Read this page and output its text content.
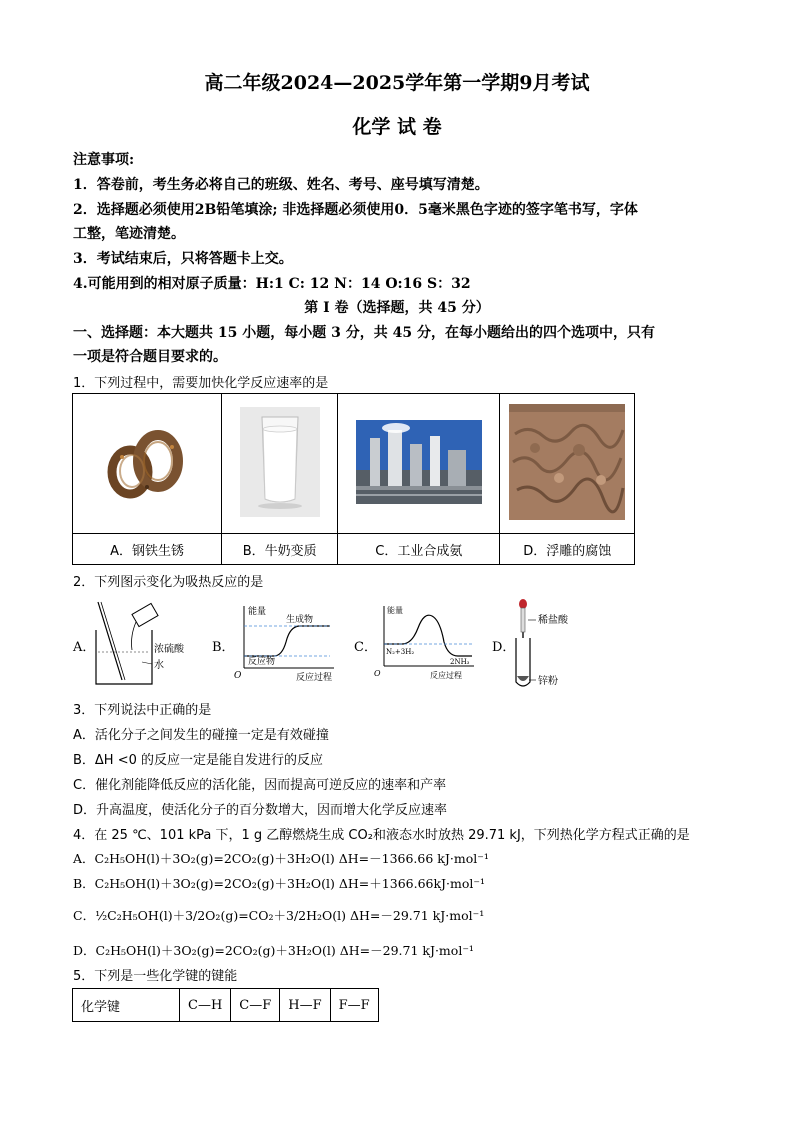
高二年级2024—2025学年第一学期9月考试
化学 试 卷
注意事项:
1．答卷前，考生务必将自己的班级、姓名、考号、座号填写清楚。
2．选择题必须使用2B铅笔填涂; 非选择题必须使用0．5毫米黑色字迹的签字笔书写，字体
工整，笔迹清楚。
3．考试结束后，只将答题卡上交。
4.可能用到的相对原子质量：H:1 C: 12 N：14 O:16 S：32
第 I 卷（选择题，共 45 分）
一、选择题：本大题共 15 小题，每小题 3 分，共 45 分，在每小题给出的四个选项中，只有
一项是符合题目要求的。
1．下列过程中，需要加快化学反应速率的是

A．钢铁生锈	B．牛奶变质	C．工业合成氨	D．浮雕的腐蚀
2．下列图示变化为吸热反应的是
A．	浓硫酸
水
B．
能量
生成物
反应物
O	反应过程
C．
能量
N₂+3H₂
2NH₃
O	反应过程
D．
稀盐酸
锌粉
3．下列说法中正确的是
A．活化分子之间发生的碰撞一定是有效碰撞
B．ΔH <0 的反应一定是能自发进行的反应
C．催化剂能降低反应的活化能，因而提高可逆反应的速率和产率
D．升高温度，使活化分子的百分数增大，因而增大化学反应速率
4．在 25 ℃、101 kPa 下，1 g 乙醇燃烧生成 CO₂和液态水时放热 29.71 kJ，下列热化学方程式正确的是
A．C₂H₅OH(l)＋3O₂(g)=2CO₂(g)＋3H₂O(l) ΔH=－1366.66 kJ·mol⁻¹
B．C₂H₅OH(l)＋3O₂(g)=2CO₂(g)＋3H₂O(l) ΔH=＋1366.66kJ·mol⁻¹
C．½C₂H₅OH(l)＋3/2O₂(g)=CO₂＋3/2H₂O(l) ΔH=－29.71 kJ·mol⁻¹
D．C₂H₅OH(l)＋3O₂(g)=2CO₂(g)＋3H₂O(l) ΔH=－29.71 kJ·mol⁻¹
5．下列是一些化学键的键能
化学键	C—H	C—F	H—F	F—F
